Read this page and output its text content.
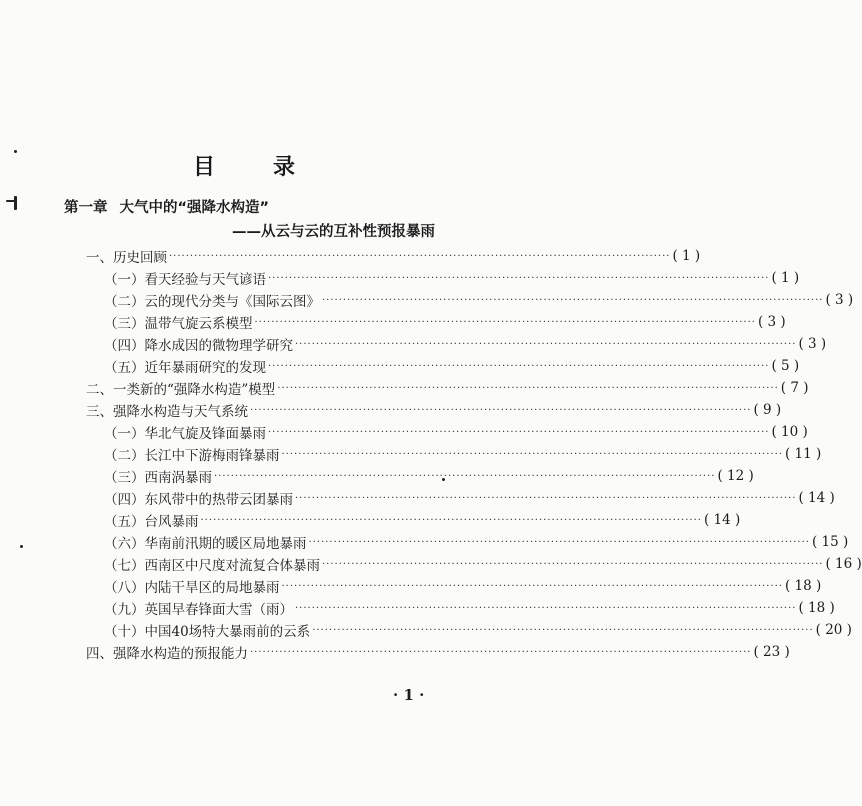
目　录
第一章 大气中的“强降水构造”
——从云与云的互补性预报暴雨
一、历史回顾 ························································································································ ( 1 )
（一）看天经验与天气谚语 ························································································································ ( 1 )
（二）云的现代分类与《国际云图》 ························································································································ ( 3 )
（三）温带气旋云系模型 ························································································································ ( 3 )
（四）降水成因的微物理学研究 ························································································································ ( 3 )
（五）近年暴雨研究的发现 ························································································································ ( 5 )
二、一类新的“强降水构造”模型 ························································································································ ( 7 )
三、强降水构造与天气系统 ························································································································ ( 9 )
（一）华北气旋及锋面暴雨 ························································································································ ( 10 )
（二）长江中下游梅雨锋暴雨 ························································································································ ( 11 )
（三）西南涡暴雨 ························································································································ ( 12 )
（四）东风带中的热带云团暴雨 ························································································································ ( 14 )
（五）台风暴雨 ························································································································ ( 14 )
（六）华南前汛期的暖区局地暴雨 ························································································································ ( 15 )
（七）西南区中尺度对流复合体暴雨 ························································································································ ( 16 )
（八）内陆干旱区的局地暴雨 ························································································································ ( 18 )
（九）英国早春锋面大雪（雨） ························································································································ ( 18 )
（十）中国40场特大暴雨前的云系 ························································································································ ( 20 )
四、强降水构造的预报能力 ························································································································ ( 23 )
· 1 ·
